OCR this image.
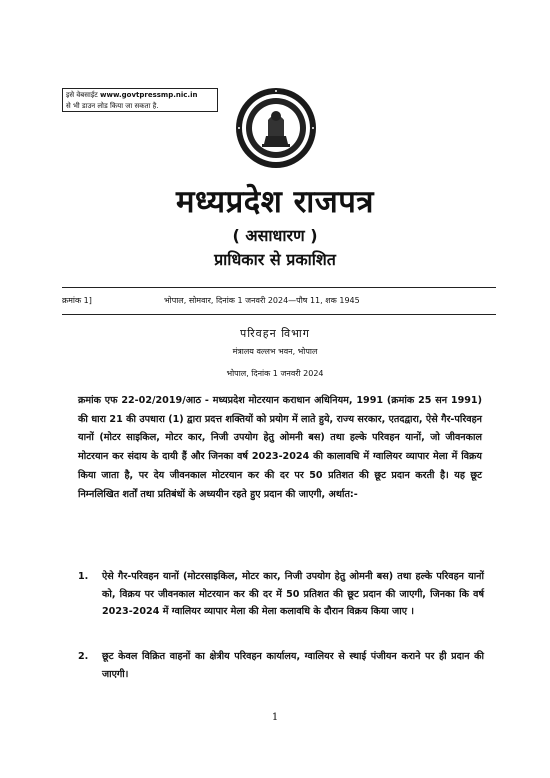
इसे वेबसाईट www.govtpressmp.nic.in
से भी डाउन लोड किया जा सकता है.
मध्यप्रदेश राजपत्र
( असाधारण )
प्राधिकार से प्रकाशित
क्रमांक 1]	भोपाल, सोमवार, दिनांक 1 जनवरी 2024—पौष 11, शक 1945
परिवहन विभाग
मंत्रालय वल्लभ भवन, भोपाल
भोपाल, दिनांक 1 जनवरी 2024
क्रमांक एफ 22-02/2019/आठ - मध्यप्रदेश मोटरयान कराधान अधिनियम, 1991 (क्रमांक 25 सन 1991) की धारा 21 की उपधारा (1) द्वारा प्रदत्त शक्तियों को प्रयोग में लाते हुये, राज्य सरकार, एतदद्वारा, ऐसे गैर-परिवहन यानों (मोटर साइकिल, मोटर कार, निजी उपयोग हेतु ओमनी बस) तथा हल्के परिवहन यानों, जो जीवनकाल मोटरयान कर संदाय के दायी हैं और जिनका वर्ष 2023-2024 की कालावधि में ग्वालियर व्यापार मेला में विक्रय किया जाता है, पर देय जीवनकाल मोटरयान कर की दर पर 50 प्रतिशत की छूट प्रदान करती है। यह छूट निम्नलिखित शर्तों तथा प्रतिबंधों के अध्ययीन रहते हुए प्रदान की जाएगी, अर्थात:-
1. ऐसे गैर-परिवहन यानों (मोटरसाइकिल, मोटर कार, निजी उपयोग हेतु ओमनी बस) तथा हल्के परिवहन यानों को, विक्रय पर जीवनकाल मोटरयान कर की दर में 50 प्रतिशत की छूट प्रदान की जाएगी, जिनका कि वर्ष 2023-2024 में ग्वालियर व्यापार मेला की मेला कलावधि के दौरान विक्रय किया जाए ।
2. छूट केवल विक्रित वाहनों का क्षेत्रीय परिवहन कार्यालय, ग्वालियर से स्थाई पंजीयन कराने पर ही प्रदान की जाएगी।
1
